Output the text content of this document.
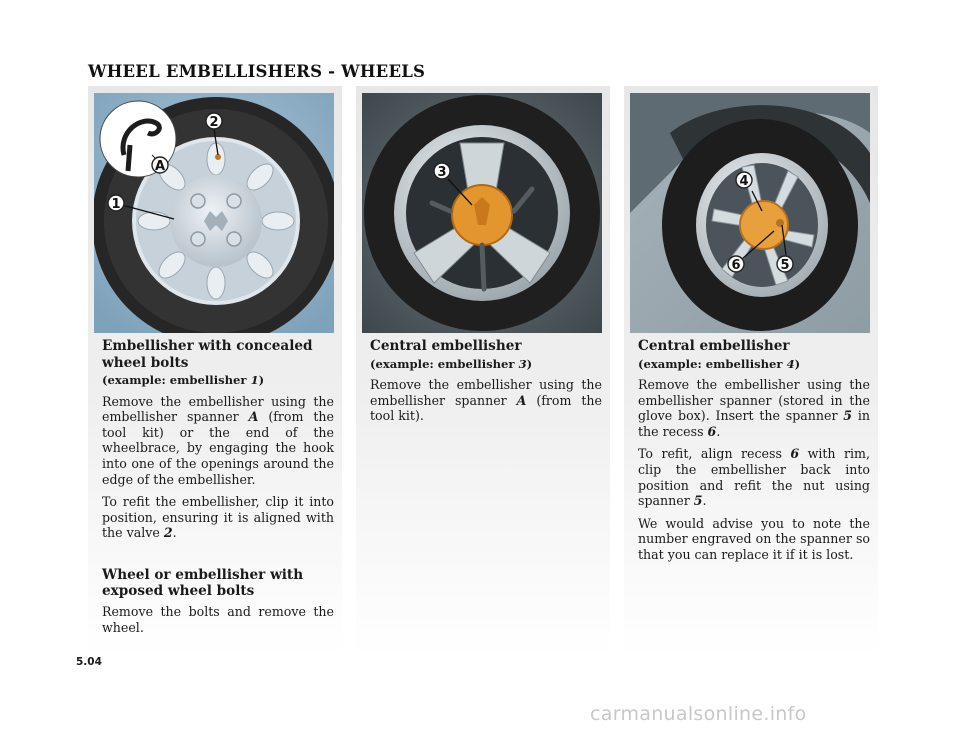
WHEEL EMBELLISHERS - WHEELS
A
2
1
Embellisher with concealed wheel bolts
(example: embellisher 1)

Remove the embellisher using the embellisher spanner A (from the tool kit) or the end of the wheelbrace, by engaging the hook into one of the openings around the edge of the embellisher.

To refit the embellisher, clip it into position, ensuring it is aligned with the valve 2.

Wheel or embellisher with exposed wheel bolts

Remove the bolts and remove the wheel.

3
Central embellisher
(example: embellisher 3)

Remove the embellisher using the embellisher spanner A (from the tool kit).

4
6	5
Central embellisher
(example: embellisher 4)

Remove the embellisher using the embellisher spanner (stored in the glove box). Insert the spanner 5 in the recess 6.

To refit, align recess 6 with rim, clip the embellisher back into position and refit the nut using spanner 5.

We would advise you to note the number engraved on the spanner so that you can replace it if it is lost.

5.04

carmanualsonline.info
